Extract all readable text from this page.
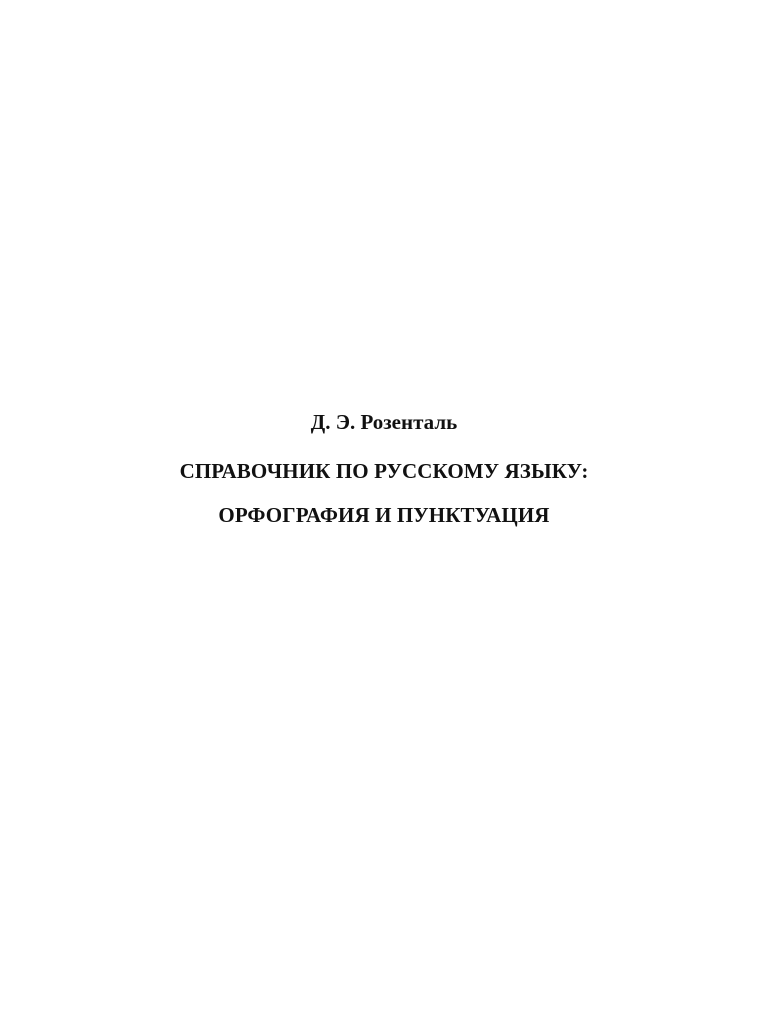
Д. Э. Розенталь
СПРАВОЧНИК ПО РУССКОМУ ЯЗЫКУ:
ОРФОГРАФИЯ И ПУНКТУАЦИЯ
